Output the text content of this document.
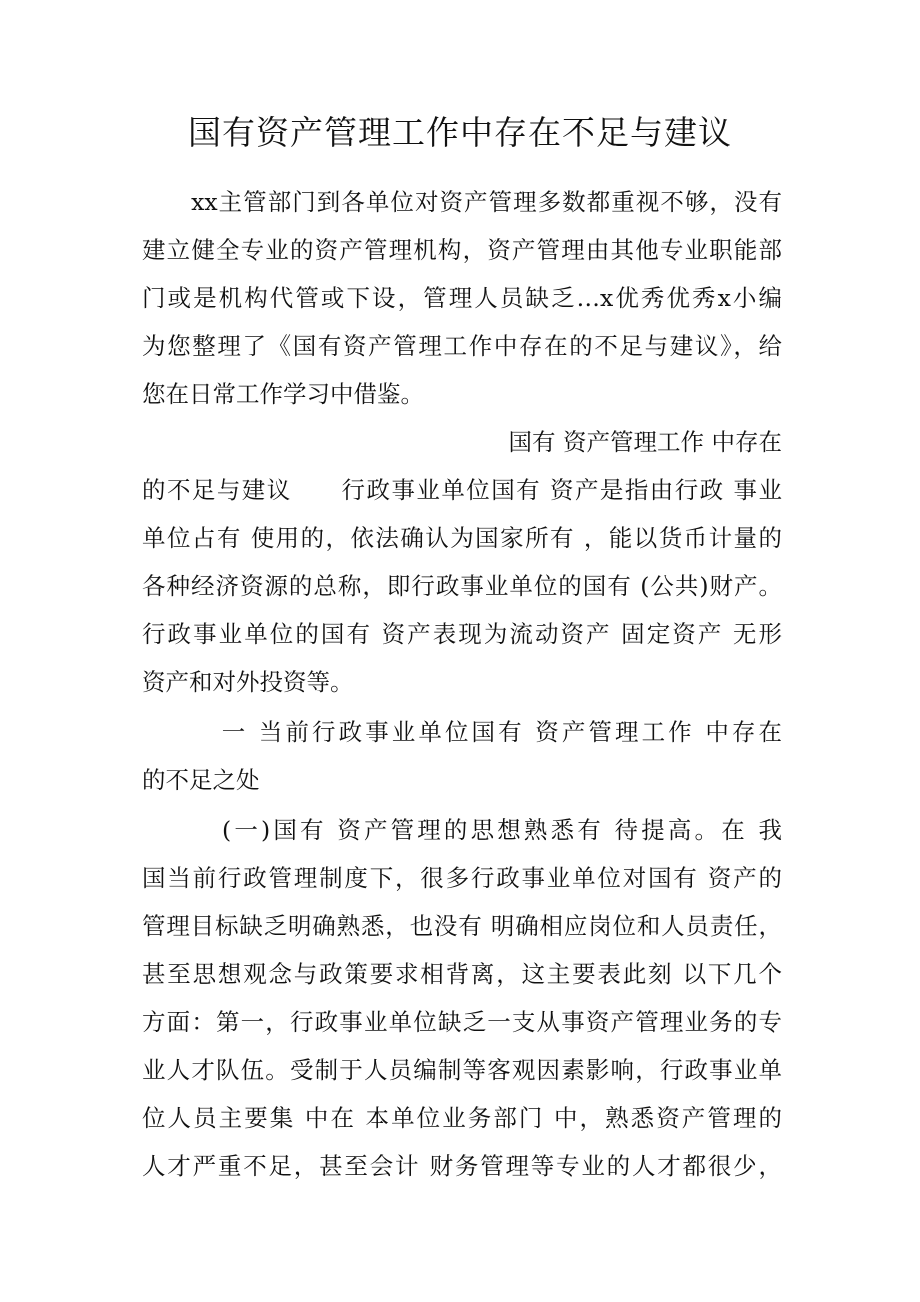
国有资产管理工作中存在不足与建议
　　xx主管部门到各单位对资产管理多数都重视不够，没有
建立健全专业的资产管理机构，资产管理由其他专业职能部
门或是机构代管或下设，管理人员缺乏…x优秀优秀x小编
为您整理了《国有资产管理工作中存在的不足与建议》，给
您在日常工作学习中借鉴。
国有 资产管理工作 中存在
的不足与建议　　行政事业单位国有 资产是指由行政 事业
单位占有 使用的，依法确认为国家所有 ，能以货币计量的
各种经济资源的总称，即行政事业单位的国有 (公共)财产。
行政事业单位的国有 资产表现为流动资产 固定资产 无形
资产和对外投资等。
　　　一 当前行政事业单位国有 资产管理工作 中存在
的不足之处
　　　(一)国有 资产管理的思想熟悉有 待提高。在 我
国当前行政管理制度下，很多行政事业单位对国有 资产的
管理目标缺乏明确熟悉，也没有 明确相应岗位和人员责任，
甚至思想观念与政策要求相背离，这主要表此刻 以下几个
方面：第一，行政事业单位缺乏一支从事资产管理业务的专
业人才队伍。受制于人员编制等客观因素影响，行政事业单
位人员主要集 中在 本单位业务部门 中，熟悉资产管理的
人才严重不足，甚至会计 财务管理等专业的人才都很少，
